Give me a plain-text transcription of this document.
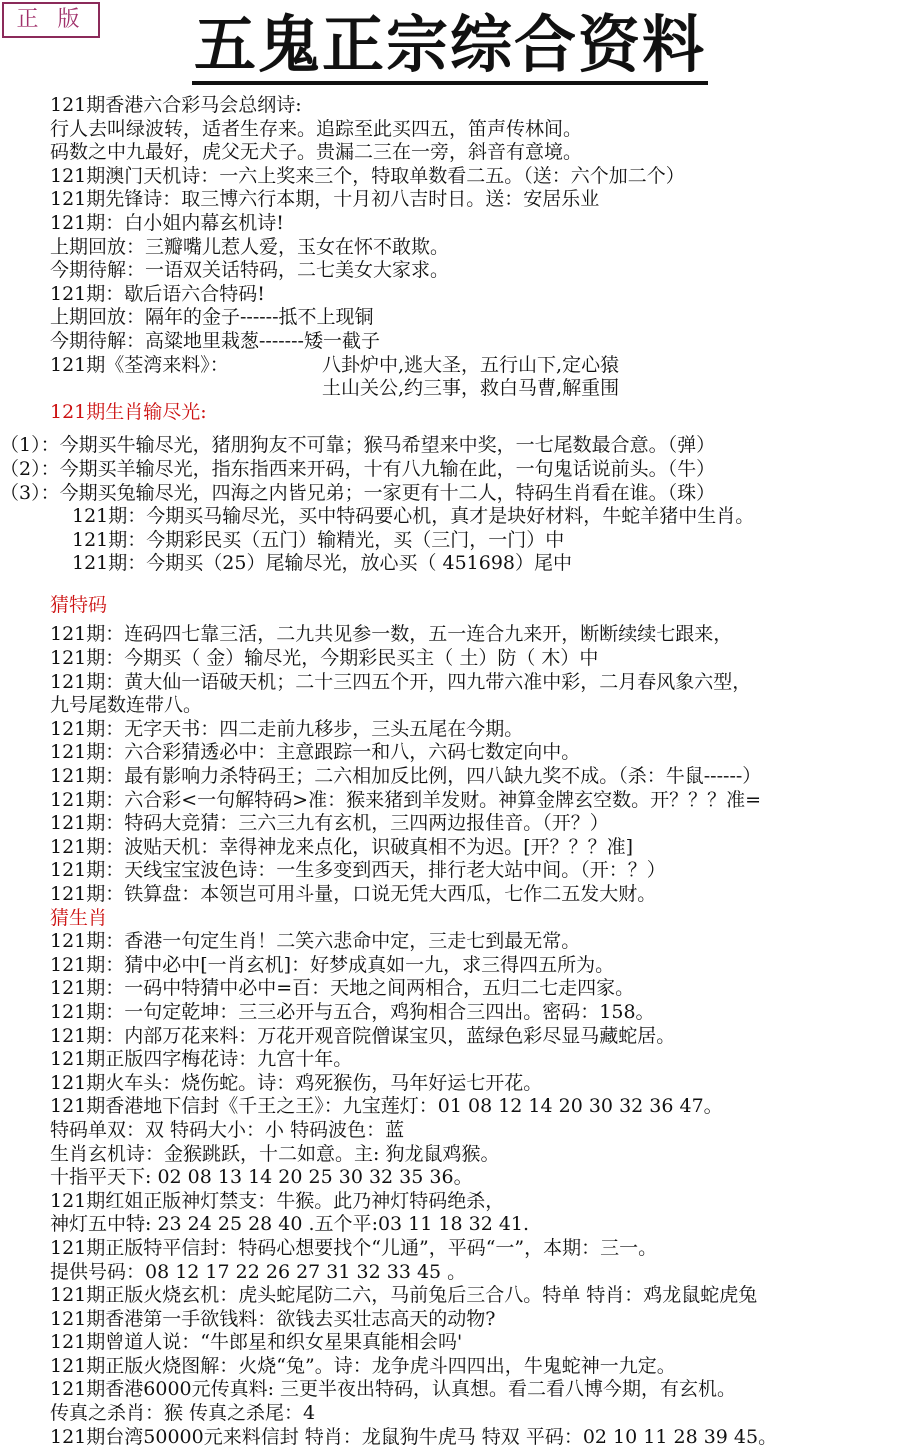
正 版	五鬼正宗综合资料
121期香港六合彩马会总纲诗:
行人去叫绿波转，适者生存来。追踪至此买四五，笛声传林间。
码数之中九最好，虎父无犬子。贵漏二三在一旁，斜音有意境。
121期澳门天机诗：一六上奖来三个，特取单数看二五。（送：六个加二个）
121期先锋诗：取三博六行本期，十月初八吉时日。送：安居乐业
121期：白小姐内幕玄机诗!
上期回放：三瓣嘴儿惹人爱，玉女在怀不敢欺。
今期待解：一语双关话特码，二七美女大家求。
121期：歇后语六合特码!
上期回放：隔年的金子------抵不上现铜
今期待解：高粱地里栽葱-------矮一截子
121期《荃湾来料》：	八卦炉中,逃大圣，五行山下,定心猿
土山关公,约三事，救白马曹,解重围
121期生肖输尽光:
（1）：今期买牛输尽光，猪朋狗友不可靠；猴马希望来中奖，一七尾数最合意。（弹）
（2）：今期买羊输尽光，指东指西来开码，十有八九输在此，一句鬼话说前头。（牛）
（3）：今期买兔输尽光，四海之内皆兄弟；一家更有十二人，特码生肖看在谁。（珠）
121期：今期买马输尽光，买中特码要心机，真才是块好材料，牛蛇羊猪中生肖。
121期：今期彩民买（五门）输精光，买（三门，一门）中
121期：今期买（25）尾输尽光，放心买（ 451698）尾中
猜特码
121期：连码四七靠三活，二九共见参一数，五一连合九来开，断断续续七跟来，
121期：今期买（ 金）输尽光，今期彩民买主（ 土）防（ 木）中
121期：黄大仙一语破天机；二十三四五个开，四九带六准中彩，二月春风象六型，
九号尾数连带八。
121期：无字天书：四二走前九移步，三头五尾在今期。
121期：六合彩猜透必中：主意跟踪一和八，六码七数定向中。
121期：最有影响力杀特码王；二六相加反比例，四八缺九奖不成。（杀：牛鼠------）
121期：六合彩<一句解特码>准：猴来猪到羊发财。神算金牌玄空数。开？？？准=
121期：特码大竞猜：三六三九有玄机，三四两边报佳音。（开？）
121期：波贴天机：幸得神龙来点化，识破真相不为迟。[开？？？准]
121期：天线宝宝波色诗：一生多变到西天，排行老大站中间。（开：？）
121期：铁算盘：本领岂可用斗量，口说无凭大西瓜，七作二五发大财。
猜生肖
121期：香港一句定生肖！二笑六悲命中定，三走七到最无常。
121期：猜中必中[一肖玄机]：好梦成真如一九，求三得四五所为。
121期：一码中特猜中必中=百：天地之间两相合，五归二七走四家。
121期：一句定乾坤：三三必开与五合，鸡狗相合三四出。密码：158。
121期：内部万花来料：万花开观音院僧谋宝贝，蓝绿色彩尽显马藏蛇居。
121期正版四字梅花诗：九宫十年。
121期火车头：烧伤蛇。诗：鸡死猴伤，马年好运七开花。
121期香港地下信封《千王之王》：九宝莲灯：01 08 12 14 20 30 32 36 47。
特码单双：双 特码大小：小 特码波色：蓝
生肖玄机诗：金猴跳跃，十二如意。主: 狗龙鼠鸡猴。
十指平天下: 02 08 13 14 20 25 30 32 35 36。
121期红姐正版神灯禁支：牛猴。此乃神灯特码绝杀，
神灯五中特: 23 24 25 28 40 .五个平:03 11 18 32 41.
121期正版特平信封：特码心想要找个“儿通”，平码“一”，本期：三一。
提供号码：08 12 17 22 26 27 31 32 33 45 。
121期正版火烧玄机：虎头蛇尾防二六，马前兔后三合八。特单 特肖：鸡龙鼠蛇虎兔
121期香港第一手欲钱料：欲钱去买壮志高天的动物?
121期曾道人说：“牛郎星和织女星果真能相会吗'
121期正版火烧图解：火烧“兔”。诗：龙争虎斗四四出，牛鬼蛇神一九定。
121期香港6000元传真料: 三更半夜出特码，认真想。看二看八博今期，有玄机。
传真之杀肖：猴 传真之杀尾：4
121期台湾50000元来料信封 特肖：龙鼠狗牛虎马 特双 平码：02 10 11 28 39 45。
